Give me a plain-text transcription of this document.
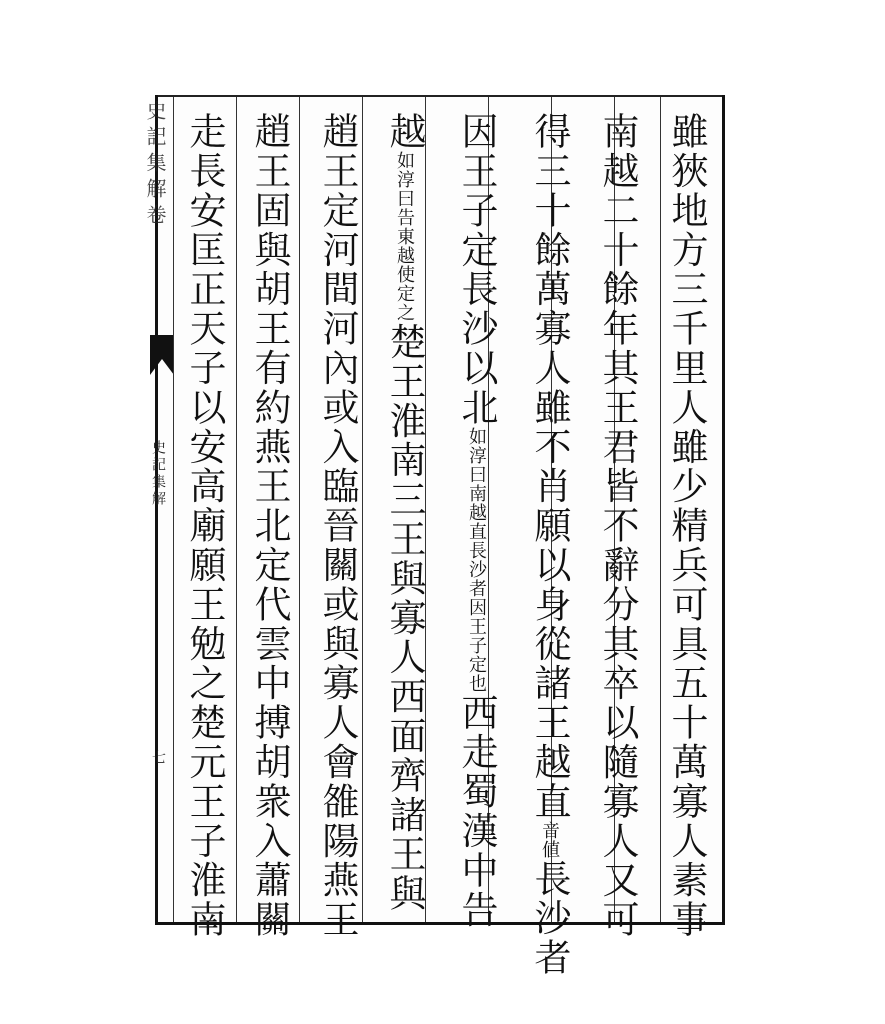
史記集解卷
史記集解
七	雖狹地方三千里人雖少精兵可具五十萬寡人素事
南越二十餘年其王君皆不辭分其卒以隨寡人又可
得三十餘萬寡人雖不肖願以身從諸王越直音値長沙者
因王子定長沙以北如淳曰南越直長沙者因王子定也西走蜀漢中告
越如淳曰告東越使定之楚王淮南三王與寡人西面齊諸王與
趙王定河間河內或入臨晉關或與寡人會雒陽燕王
趙王固與胡王有約燕王北定代雲中搏胡衆入蕭關
走長安匡正天子以安高廟願王勉之楚元王子淮南
